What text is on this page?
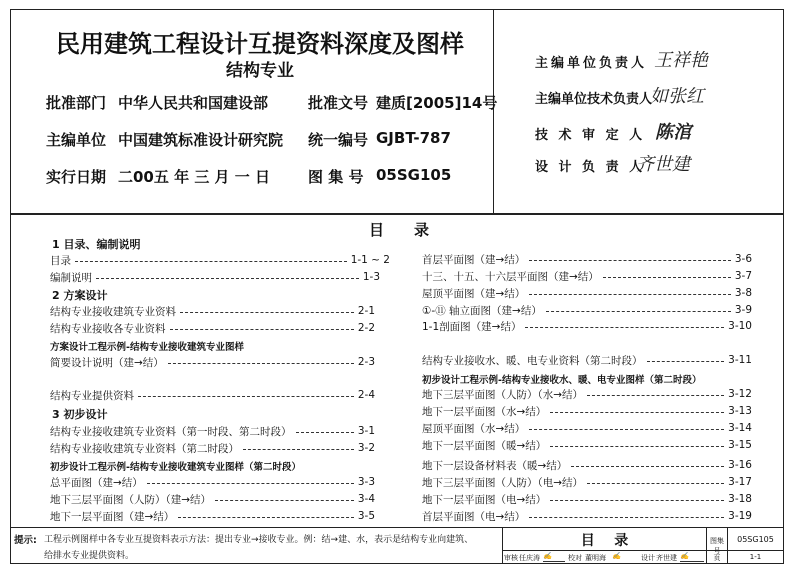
民用建筑工程设计互提资料深度及图样
结构专业
批准部门 中华人民共和国建设部	批准文号 建质[2005]14号
主编单位 中国建筑标准设计研究院 统一编号 GJBT-787
实行日期 二00五 年 三 月 一 日	图 集 号 05SG105
主编单位负责人 王祥艳
主编单位技术负责人
如张红
技 术 审 定 人 陈涫
设 计 负 责 人
齐世建
目 录
1 目录、编制说明
目录	1-1 ~ 2
编制说明	1-3
2 方案设计
结构专业接收建筑专业资料	2-1
结构专业接收各专业资料	2-2
方案设计工程示例-结构专业接收建筑专业图样
简要设计说明（建→结）	2-3
结构专业提供资料	2-4
3 初步设计
结构专业接收建筑专业资料（第一时段、第二时段）	3-1
结构专业接收建筑专业资料（第二时段）	3-2
初步设计工程示例-结构专业接收建筑专业图样（第二时段）
总平面图（建→结）	3-3
地下三层平面图（人防）（建→结）	3-4
地下一层平面图（建→结）	3-5
首层平面图（建→结）	3-6
十三、十五、十六层平面图（建→结）	3-7
屋顶平面图（建→结）	3-8
①-⑪ 轴立面图（建→结）	3-9
1-1剖面图（建→结）	3-10
结构专业接收水、暖、电专业资料（第二时段）	3-11
初步设计工程示例-结构专业接收水、暖、电专业图样（第二时段）
地下三层平面图（人防）（水→结）	3-12
地下一层平面图（水→结）	3-13
屋顶平面图（水→结）	3-14
地下一层平面图（暖→结）	3-15
地下一层设备材料表（暖→结）	3-16
地下三层平面图（人防）（电→结）	3-17
地下一层平面图（电→结）	3-18
首层平面图（电→结）	3-19
提示: 工程示例图样中各专业互提资料表示方法：提出专业→接收专业。例：结→建、水，表示是结构专业向建筑、
给排水专业提供资料。
目    录	图集号
05SG105
审核 任庆涛 ✍	校对 董明海 ✍	设计 齐世建 ✍	页	1-1
